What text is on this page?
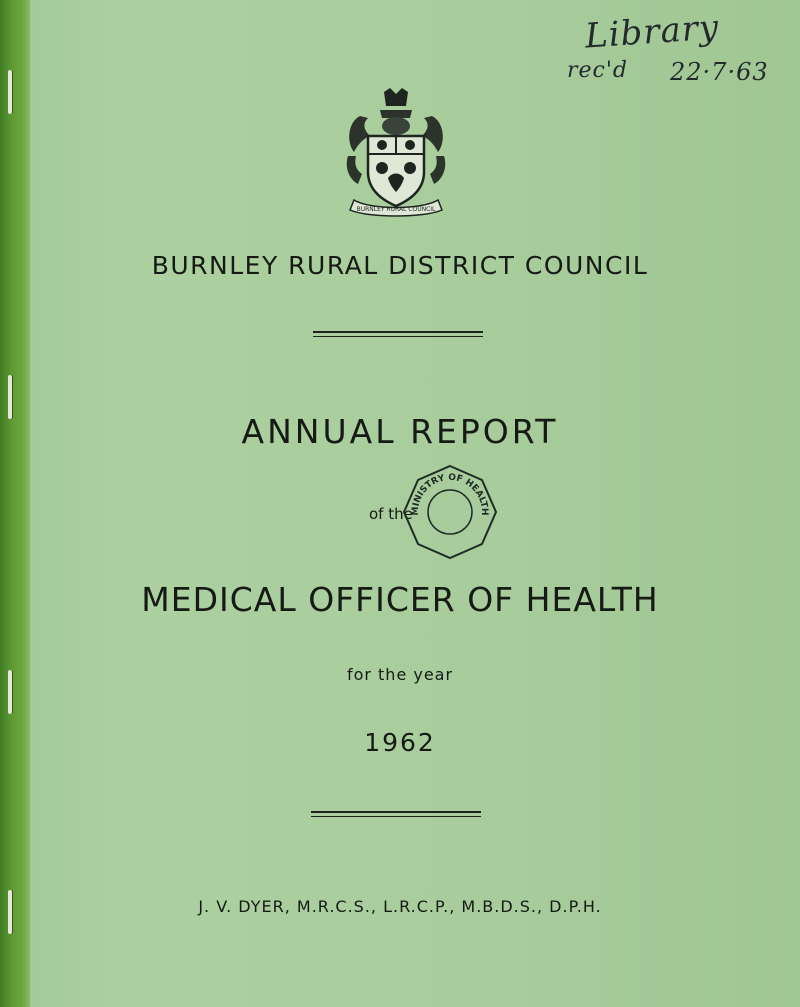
Library
rec'd 22·7·63
BURNLEY RURAL COUNCIL
BURNLEY RURAL DISTRICT COUNCIL
ANNUAL REPORT
of the
MINISTRY OF HEALTH
MEDICAL OFFICER OF HEALTH
for the year
1962
J. V. DYER, M.R.C.S., L.R.C.P., M.B.D.S., D.P.H.
